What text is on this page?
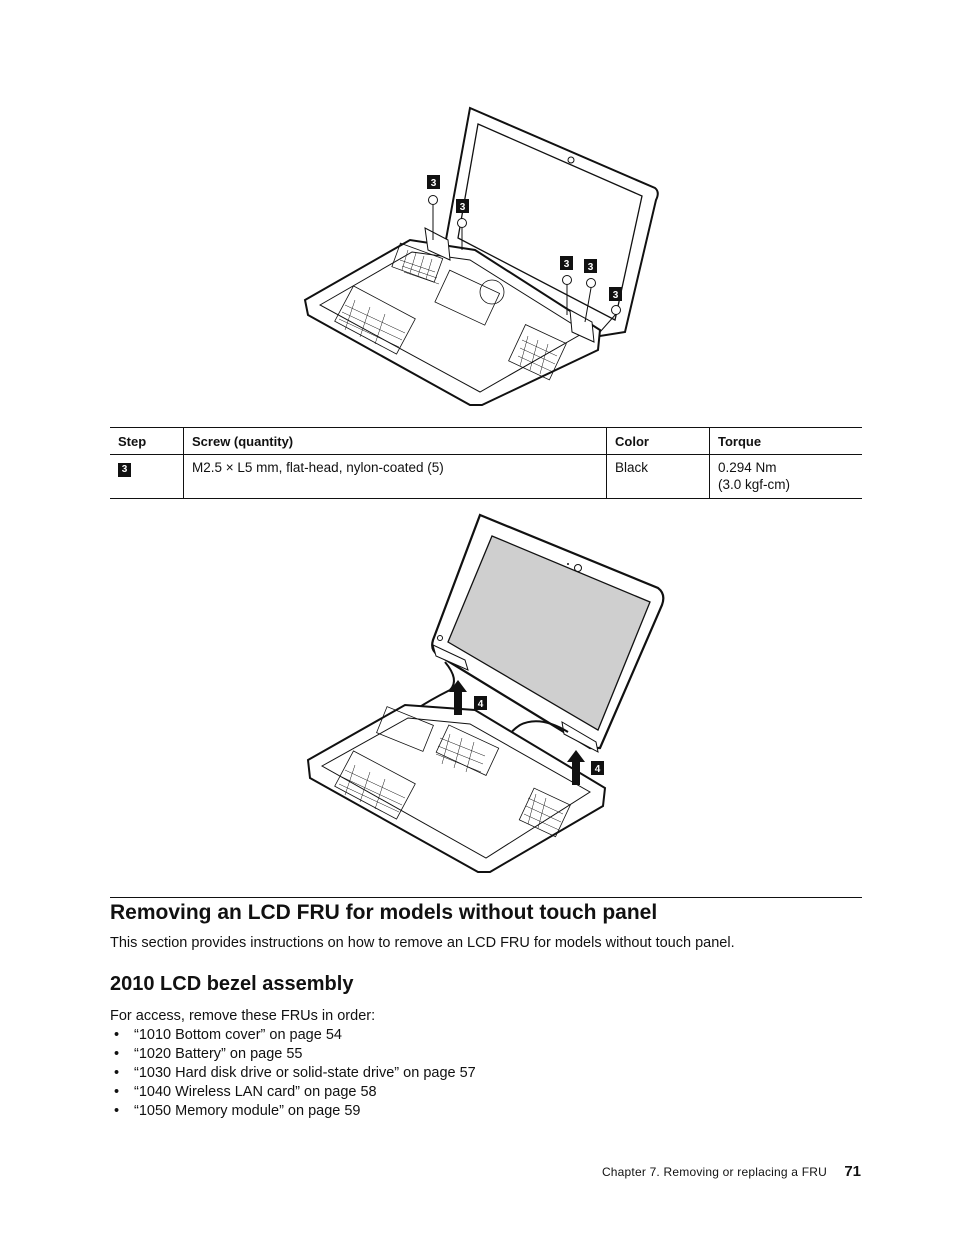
3
3
3 3
3
Step	Screw (quantity)	Color	Torque
3	M2.5 × L5 mm, flat-head, nylon-coated (5)	Black	0.294 Nm
(3.0 kgf-cm)
4
4
Removing an LCD FRU for models without touch panel

This section provides instructions on how to remove an LCD FRU for models without touch panel.

2010 LCD bezel assembly

For access, remove these FRUs in order:

• “1010 Bottom cover” on page 54
• “1020 Battery” on page 55
• “1030 Hard disk drive or solid-state drive” on page 57
• “1040 Wireless LAN card” on page 58
• “1050 Memory module” on page 59
Chapter 7. Removing or replacing a FRU 71
